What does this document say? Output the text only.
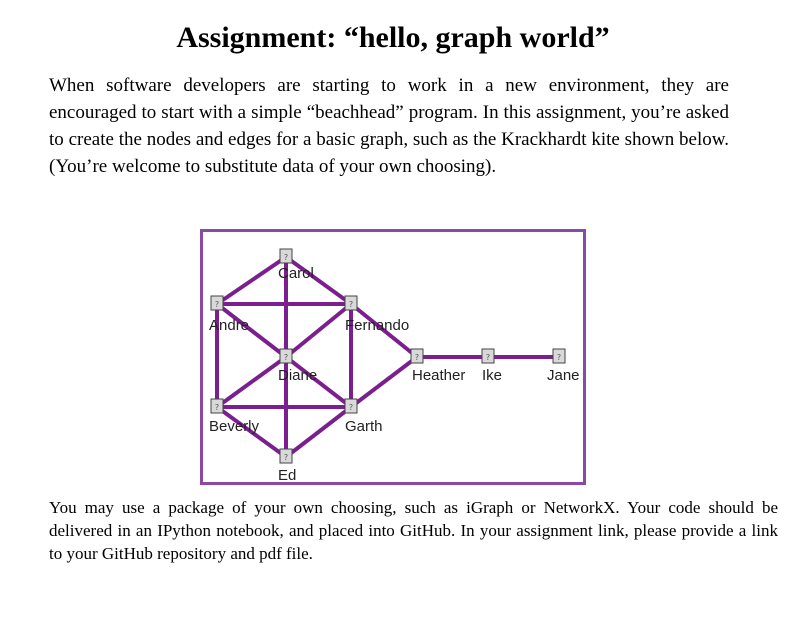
Assignment: “hello, graph world”

When software developers are starting to work in a new environment, they are encouraged to start with a simple “beachhead” program. In this assignment, you’re asked to create the nodes and edges for a basic graph, such as the Krackhardt kite shown below. (You’re welcome to substitute data of your own choosing).

?
Carol
?
Andre
?
Fernando
?
Diane
?
Heather
?
Ike
?
Jane
?
Beverly
?
Garth
?
Ed

You may use a package of your own choosing, such as iGraph or NetworkX. Your code should be delivered in an IPython notebook, and placed into GitHub. In your assignment link, please provide a link to your GitHub repository and pdf file.
